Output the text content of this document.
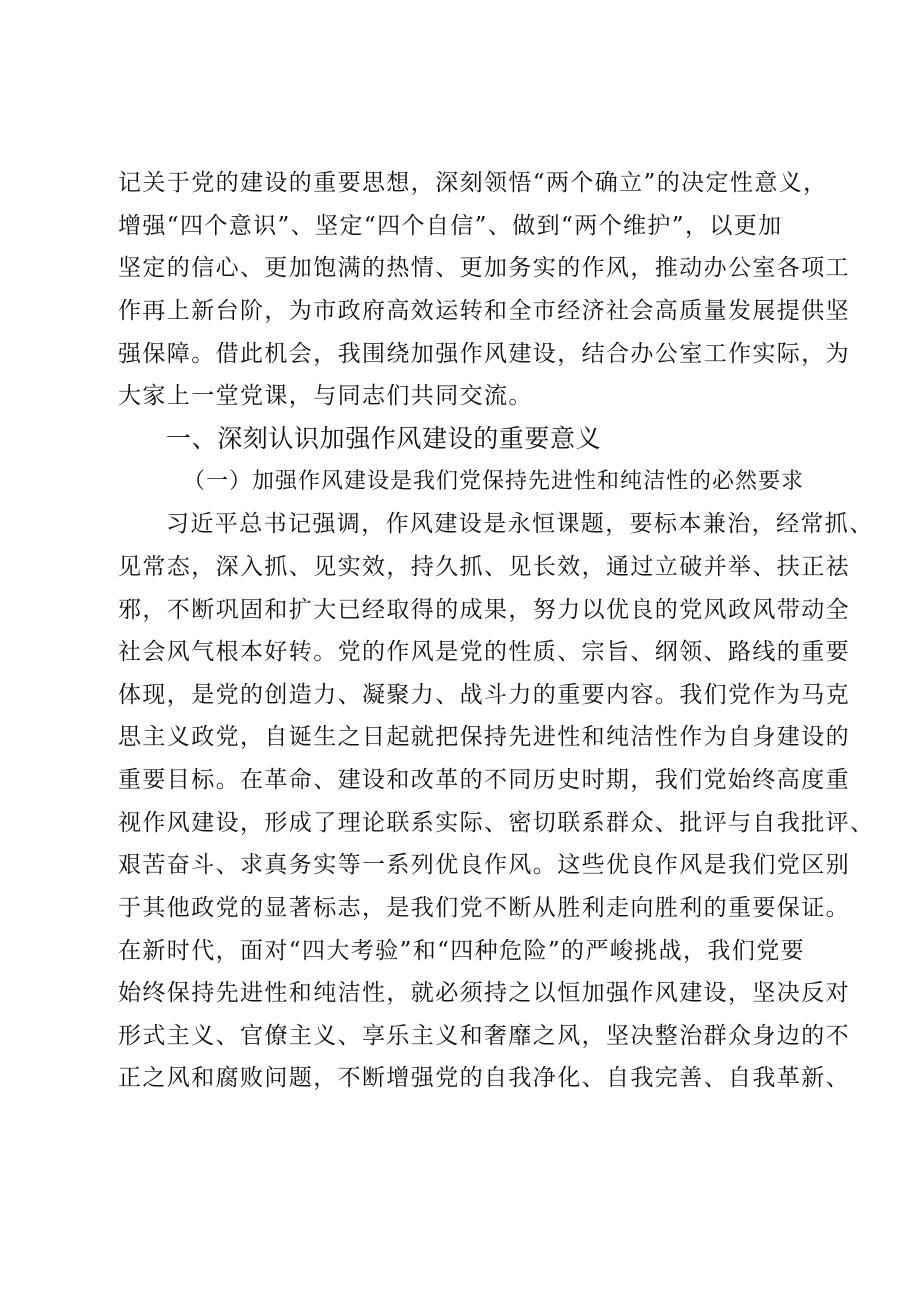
记关于党的建设的重要思想，深刻领悟“两个确立”的决定性意义，
增强“四个意识”、坚定“四个自信”、做到“两个维护”，以更加
坚定的信心、更加饱满的热情、更加务实的作风，推动办公室各项工
作再上新台阶，为市政府高效运转和全市经济社会高质量发展提供坚
强保障。借此机会，我围绕加强作风建设，结合办公室工作实际，为
大家上一堂党课，与同志们共同交流。
一、深刻认识加强作风建设的重要意义
（一）加强作风建设是我们党保持先进性和纯洁性的必然要求
习近平总书记强调，作风建设是永恒课题，要标本兼治，经常抓、
见常态，深入抓、见实效，持久抓、见长效，通过立破并举、扶正祛
邪，不断巩固和扩大已经取得的成果，努力以优良的党风政风带动全
社会风气根本好转。党的作风是党的性质、宗旨、纲领、路线的重要
体现，是党的创造力、凝聚力、战斗力的重要内容。我们党作为马克
思主义政党，自诞生之日起就把保持先进性和纯洁性作为自身建设的
重要目标。在革命、建设和改革的不同历史时期，我们党始终高度重
视作风建设，形成了理论联系实际、密切联系群众、批评与自我批评、
艰苦奋斗、求真务实等一系列优良作风。这些优良作风是我们党区别
于其他政党的显著标志，是我们党不断从胜利走向胜利的重要保证。
在新时代，面对“四大考验”和“四种危险”的严峻挑战，我们党要
始终保持先进性和纯洁性，就必须持之以恒加强作风建设，坚决反对
形式主义、官僚主义、享乐主义和奢靡之风，坚决整治群众身边的不
正之风和腐败问题，不断增强党的自我净化、自我完善、自我革新、
